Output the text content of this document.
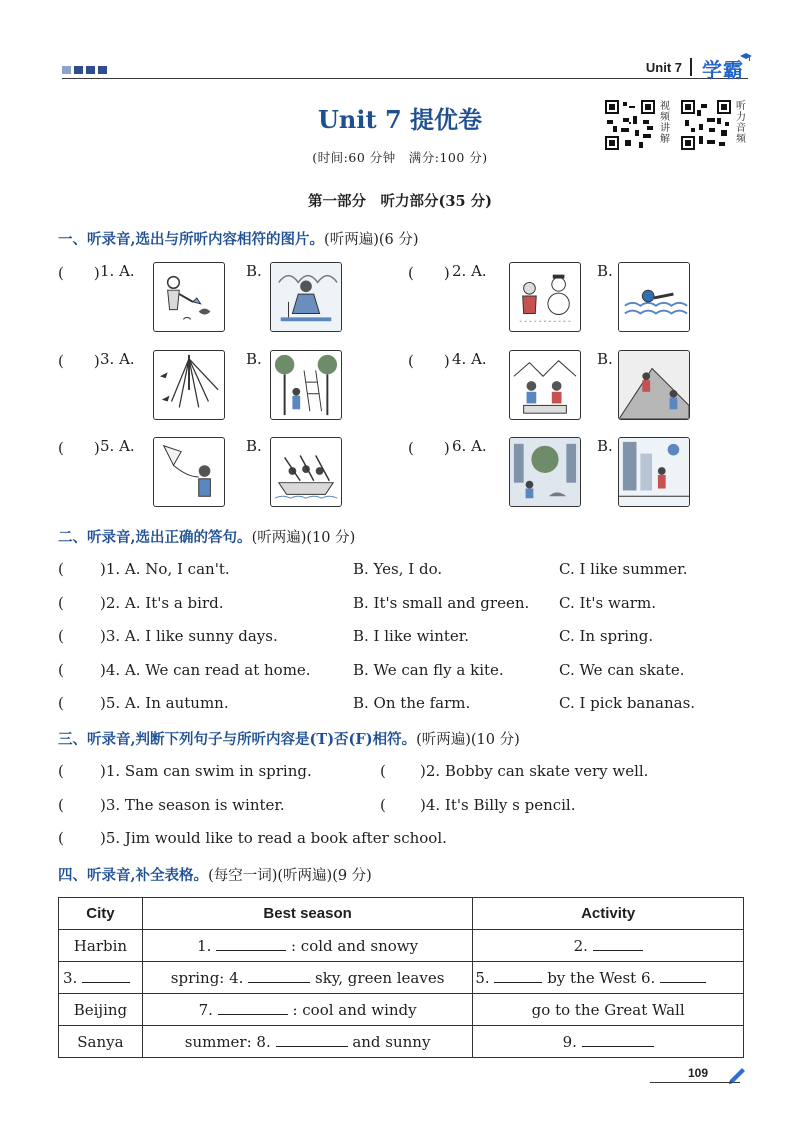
Unit 7 学霸
Unit 7 提优卷
(时间:60 分钟　满分:100 分)
视频讲解
听力音频
第一部分　听力部分(35 分)
一、听录音,选出与所听内容相符的图片。(听两遍)(6 分)
(　　) 1. A.	B.	(　　) 2. A.	B.
(　　) 3. A.	B.	(　　) 4. A.	B.
(　　) 5. A.	B.	(　　) 6. A.	B.
二、听录音,选出正确的答句。(听两遍)(10 分)
( )1. A. No, I can't.	B. Yes, I do.	C. I like summer.
( )2. A. It's a bird.	B. It's small and green. C. It's warm.
( )3. A. I like sunny days.	B. I like winter.	C. In spring.
( )4. A. We can read at home.	B. We can fly a kite.	C. We can skate.
( )5. A. In autumn.	B. On the farm.	C. I pick bananas.
三、听录音,判断下列句子与所听内容是(T)否(F)相符。(听两遍)(10 分)
( )1. Sam can swim in spring.	( )2. Bobby can skate very well.
( )3. The season is winter.	( )4. It's Billy s pencil.
( )5. Jim would like to read a book after school.
四、听录音,补全表格。(每空一词)(听两遍)(9 分)
City	Best season	Activity
Harbin	1. : cold and snowy	2.
3.	spring: 4. sky, green leaves	5. by the West 6.
Beijing	7. : cool and windy	go to the Great Wall
Sanya	summer: 8. and sunny	9.
109
